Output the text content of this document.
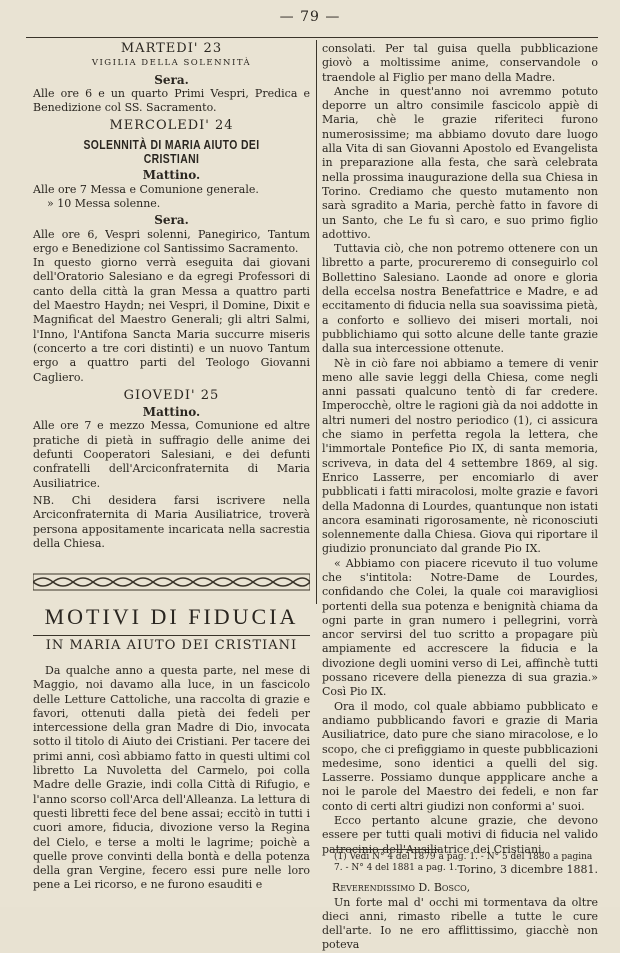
— 79 —

MARTEDI' 23

VIGILIA DELLA SOLENNITÀ

Sera.

Alle ore 6 e un quarto Primi Vespri, Predica e Benedizione col SS. Sacramento.

MERCOLEDI' 24

SOLENNITÀ DI MARIA AIUTO DEI CRISTIANI

Mattino.

Alle ore 7 Messa e Comunione generale.

» 10 Messa solenne.

Sera.

Alle ore 6, Vespri solenni, Panegirico, Tantum ergo e Benedizione col Santissimo Sacramento.

In questo giorno verrà eseguita dai giovani dell'Oratorio Salesiano e da egregi Professori di canto della città la gran Messa a quattro parti del Maestro Haydn; nei Vespri, il Domine, Dixit e Magnificat del Maestro Generali; gli altri Salmi, l'Inno, l'Antifona Sancta Maria succurre miseris (concerto a tre cori distinti) e un nuovo Tantum ergo a quattro parti del Teologo Giovanni Cagliero.

GIOVEDI' 25

Mattino.

Alle ore 7 e mezzo Messa, Comunione ed altre pratiche di pietà in suffragio delle anime dei defunti Cooperatori Salesiani, e dei defunti confratelli dell'Arciconfraternita di Maria Ausiliatrice.

NB. Chi desidera farsi iscrivere nella Arciconfraternita di Maria Ausiliatrice, troverà persona appositamente incaricata nella sacrestia della Chiesa.

MOTIVI DI FIDUCIA
IN MARIA AIUTO DEI CRISTIANI

Da qualche anno a questa parte, nel mese di Maggio, noi davamo alla luce, in un fascicolo delle Letture Cattoliche, una raccolta di grazie e favori, ottenuti dalla pietà dei fedeli per intercessione della gran Madre di Dio, invocata sotto il titolo di Aiuto dei Cristiani. Per tacere dei primi anni, così abbiamo fatto in questi ultimi col libretto La Nuvoletta del Carmelo, poi colla Madre delle Grazie, indi colla Città di Rifugio, e l'anno scorso coll'Arca dell'Alleanza. La lettura di questi libretti fece del bene assai; eccitò in tutti i cuori amore, fiducia, divozione verso la Regina del Cielo, e terse a molti le lagrime; poichè a quelle prove convinti della bontà e della potenza della gran Vergine, fecero essi pure nelle loro pene a Lei ricorso, e ne furono esauditi e

consolati. Per tal guisa quella pubblicazione giovò a moltissime anime, conservandole o traendole al Figlio per mano della Madre.

Anche in quest'anno noi avremmo potuto deporre un altro consimile fascicolo appiè di Maria, chè le grazie riferiteci furono numerosissime; ma abbiamo dovuto dare luogo alla Vita di san Giovanni Apostolo ed Evangelista in preparazione alla festa, che sarà celebrata nella prossima inaugurazione della sua Chiesa in Torino. Crediamo che questo mutamento non sarà sgradito a Maria, perchè fatto in favore di un Santo, che Le fu sì caro, e suo primo figlio adottivo.

Tuttavia ciò, che non potremo ottenere con un libretto a parte, procureremo di conseguirlo col Bollettino Salesiano. Laonde ad onore e gloria della eccelsa nostra Benefattrice e Madre, e ad eccitamento di fiducia nella sua soavissima pietà, a conforto e sollievo dei miseri mortali, noi pubblichiamo qui sotto alcune delle tante grazie dalla sua intercessione ottenute.

Nè in ciò fare noi abbiamo a temere di venir meno alle savie leggi della Chiesa, come negli anni passati qualcuno tentò di far credere. Imperocchè, oltre le ragioni già da noi addotte in altri numeri del nostro periodico (1), ci assicura che siamo in perfetta regola la lettera, che l'immortale Pontefice Pio IX, di santa memoria, scriveva, in data del 4 settembre 1869, al sig. Enrico Lasserre, per encomiarlo di aver pubblicati i fatti miracolosi, molte grazie e favori della Madonna di Lourdes, quantunque non istati ancora esaminati rigorosamente, nè riconosciuti solennemente dalla Chiesa. Giova qui riportare il giudizio pronunciato dal grande Pio IX.

« Abbiamo con piacere ricevuto il tuo volume che s'intitola: Notre-Dame de Lourdes, confidando che Colei, la quale coi maravigliosi portenti della sua potenza e benignità chiama da ogni parte in gran numero i pellegrini, vorrà ancor servirsi del tuo scritto a propagare più ampiamente ed accrescere la fiducia e la divozione degli uomini verso di Lei, affinchè tutti possano ricevere della pienezza di sua grazia.» Così Pio IX.

Ora il modo, col quale abbiamo pubblicato e andiamo pubblicando favori e grazie di Maria Ausiliatrice, dato pure che siano miracolose, e lo scopo, che ci prefiggiamo in queste pubblicazioni medesime, sono identici a quelli del sig. Lasserre. Possiamo dunque appplicare anche a noi le parole del Maestro dei fedeli, e non far conto di certi altri giudizi non conformi a' suoi.

Ecco pertanto alcune grazie, che devono essere per tutti quali motivi di fiducia nel valido patrocinio dell'Ausiliatrice dei Cristiani.

Torino, 3 dicembre 1881.

Reverendissimo D. Bosco,

Un forte mal d' occhi mi tormentava da oltre dieci anni, rimasto ribelle a tutte le cure dell'arte. Io ne ero afflittissimo, giacchè non poteva

(1) Vedi N° 4 del 1879 a pag. 1. - N° 5 del 1880 a pagina 7. - N° 4 del 1881 a pag. 1.
